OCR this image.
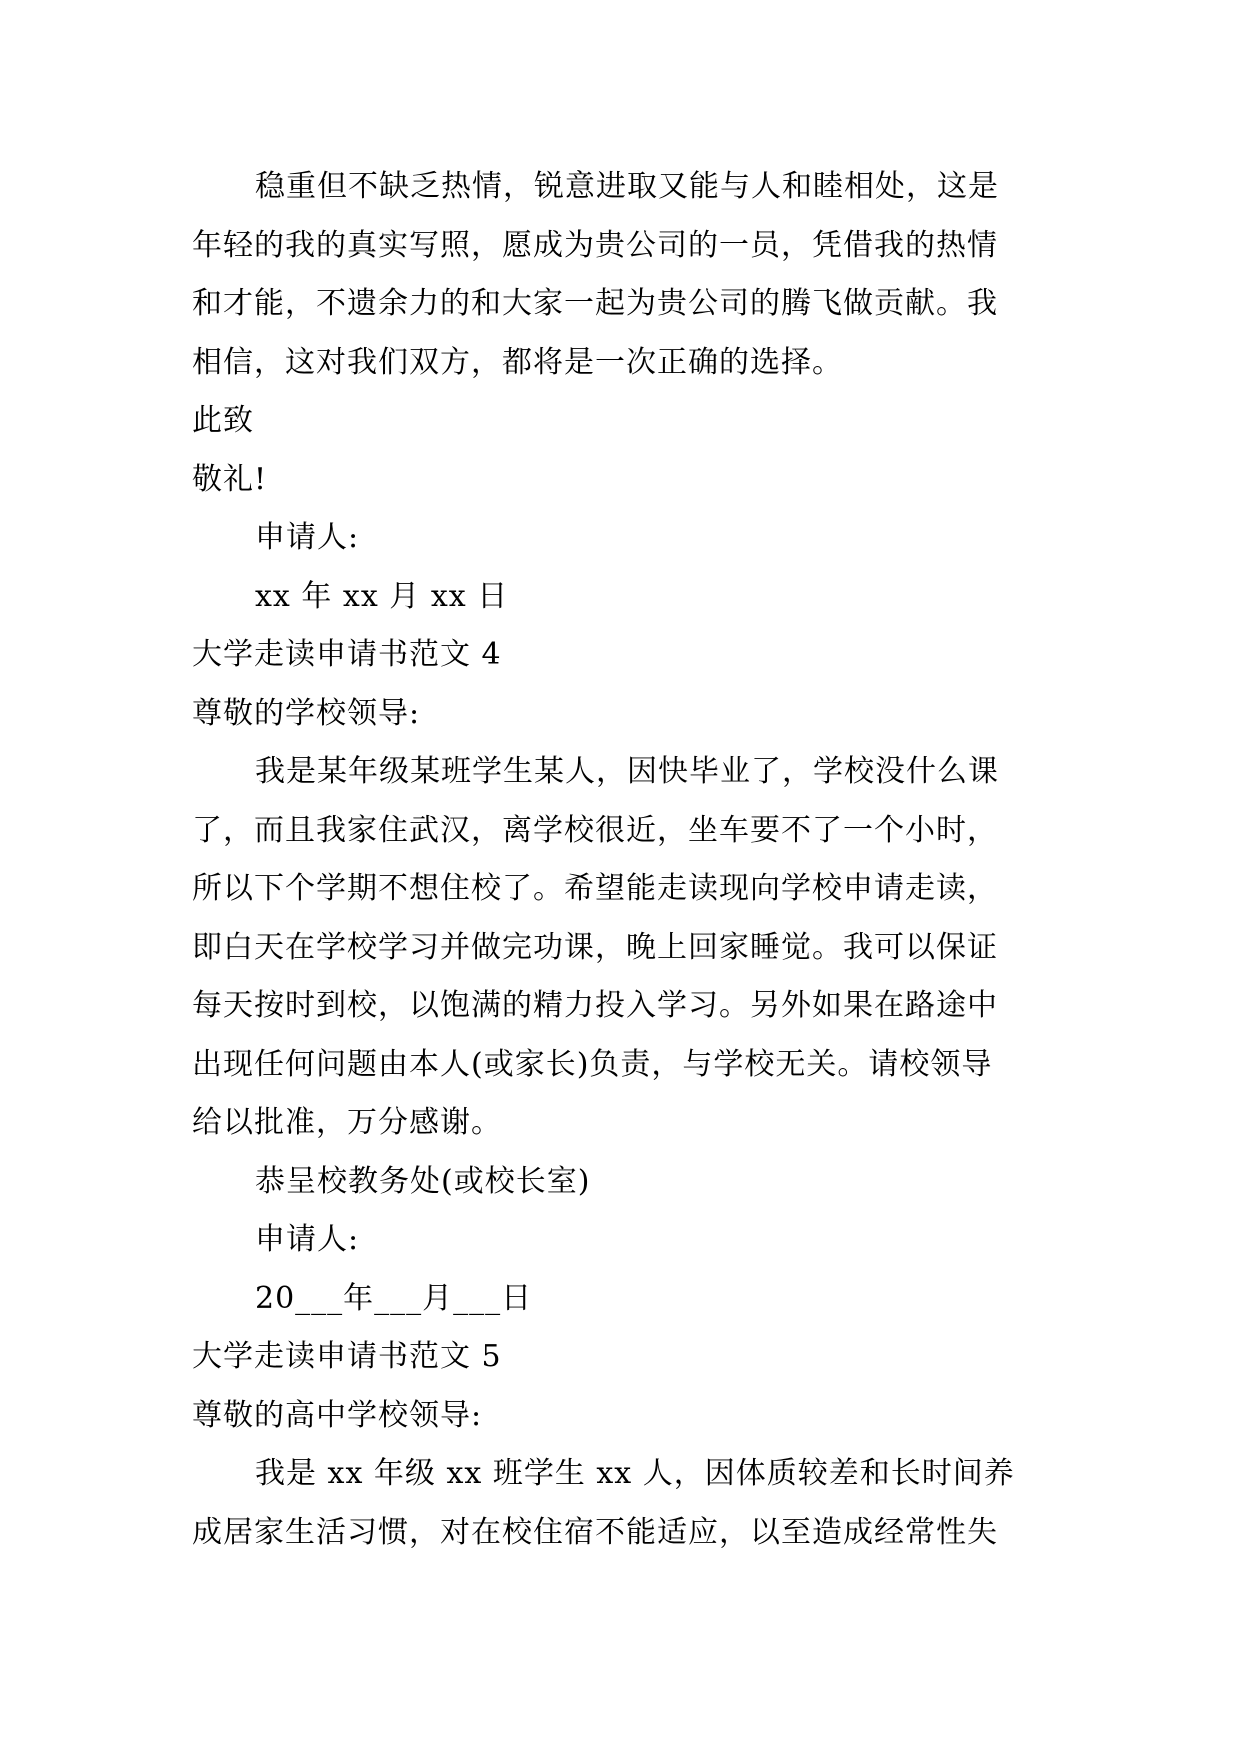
稳重但不缺乏热情，锐意进取又能与人和睦相处，这是
年轻的我的真实写照，愿成为贵公司的一员，凭借我的热情
和才能，不遗余力的和大家一起为贵公司的腾飞做贡献。我
相信，这对我们双方，都将是一次正确的选择。
此致
敬礼!
申请人:
xx 年 xx 月 xx 日
大学走读申请书范文 4
尊敬的学校领导:
我是某年级某班学生某人，因快毕业了，学校没什么课
了，而且我家住武汉，离学校很近，坐车要不了一个小时，
所以下个学期不想住校了。希望能走读现向学校申请走读，
即白天在学校学习并做完功课，晚上回家睡觉。我可以保证
每天按时到校，以饱满的精力投入学习。另外如果在路途中
出现任何问题由本人(或家长)负责，与学校无关。请校领导
给以批准，万分感谢。
恭呈校教务处(或校长室)
申请人:
20___年___月___日
大学走读申请书范文 5
尊敬的高中学校领导:
我是 xx 年级 xx 班学生 xx 人，因体质较差和长时间养
成居家生活习惯，对在校住宿不能适应，以至造成经常性失
